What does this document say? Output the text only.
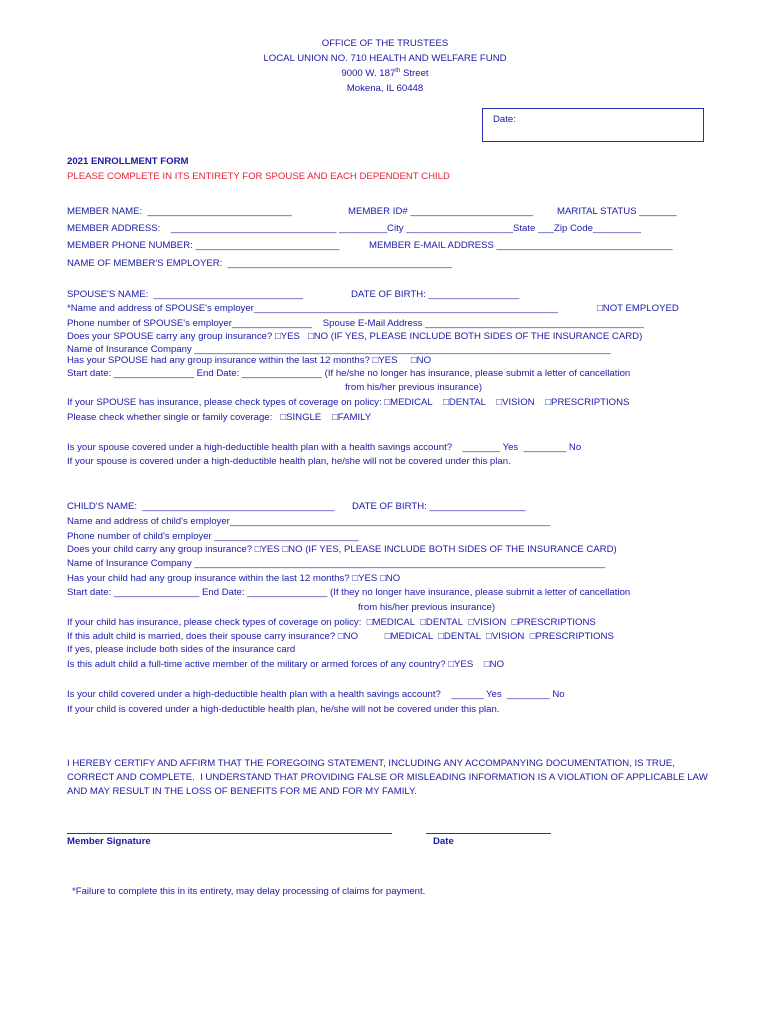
OFFICE OF THE TRUSTEES
LOCAL UNION NO. 710 HEALTH AND WELFARE FUND
9000 W. 187th Street
Mokena, IL 60448
Date:
2021 ENROLLMENT FORM
PLEASE COMPLETE IN ITS ENTIRETY FOR SPOUSE AND EACH DEPENDENT CHILD
MEMBER NAME:  ___________________________	MEMBER ID# _______________________ MARITAL STATUS _______
MEMBER ADDRESS:    _______________________________ _________City ____________________State ___Zip Code_________
MEMBER PHONE NUMBER: ___________________________	MEMBER E-MAIL ADDRESS _________________________________
NAME OF MEMBER'S EMPLOYER:  __________________________________________
SPOUSE'S NAME:  ____________________________	DATE OF BIRTH: _________________
*Name and address of SPOUSE's employer_________________________________________________________	□NOT EMPLOYED
Phone number of SPOUSE's employer_______________    Spouse E-Mail Address _________________________________________
Does your SPOUSE carry any group insurance? □YES   □NO (IF YES, PLEASE INCLUDE BOTH SIDES OF THE INSURANCE CARD)
Name of Insurance Company ______________________________________________________________________________
Has your SPOUSE had any group insurance within the last 12 months? □YES     □NO
Start date: _______________ End Date: _______________ (If he/she no longer has insurance, please submit a letter of cancellation
from his/her previous insurance)
If your SPOUSE has insurance, please check types of coverage on policy: □MEDICAL    □DENTAL    □VISION    □PRESCRIPTIONS
Please check whether single or family coverage:   □SINGLE    □FAMILY
Is your spouse covered under a high-deductible health plan with a health savings account?    _______ Yes  ________ No
If your spouse is covered under a high-deductible health plan, he/she will not be covered under this plan.
CHILD'S NAME:  ____________________________________ DATE OF BIRTH: __________________
Name and address of child's employer____________________________________________________________
Phone number of child's employer ___________________________
Does your child carry any group insurance? □YES □NO (IF YES, PLEASE INCLUDE BOTH SIDES OF THE INSURANCE CARD)
Name of Insurance Company _____________________________________________________________________________
Has your child had any group insurance within the last 12 months? □YES □NO
Start date: ________________ End Date: _______________ (If they no longer have insurance, please submit a letter of cancellation
from his/her previous insurance)
If your child has insurance, please check types of coverage on policy:  □MEDICAL  □DENTAL  □VISION  □PRESCRIPTIONS
If this adult child is married, does their spouse carry insurance? □NO          □MEDICAL  □DENTAL  □VISION  □PRESCRIPTIONS
If yes, please include both sides of the insurance card
Is this adult child a full-time active member of the military or armed forces of any country? □YES    □NO
Is your child covered under a high-deductible health plan with a health savings account?    ______ Yes  ________ No
If your child is covered under a high-deductible health plan, he/she will not be covered under this plan.
I HEREBY CERTIFY AND AFFIRM THAT THE FOREGOING STATEMENT, INCLUDING ANY ACCOMPANYING DOCUMENTATION, IS TRUE,
CORRECT AND COMPLETE.  I UNDERSTAND THAT PROVIDING FALSE OR MISLEADING INFORMATION IS A VIOLATION OF APPLICABLE LAW
AND MAY RESULT IN THE LOSS OF BENEFITS FOR ME AND FOR MY FAMILY.
Member Signature	Date
*Failure to complete this in its entirety, may delay processing of claims for payment.
